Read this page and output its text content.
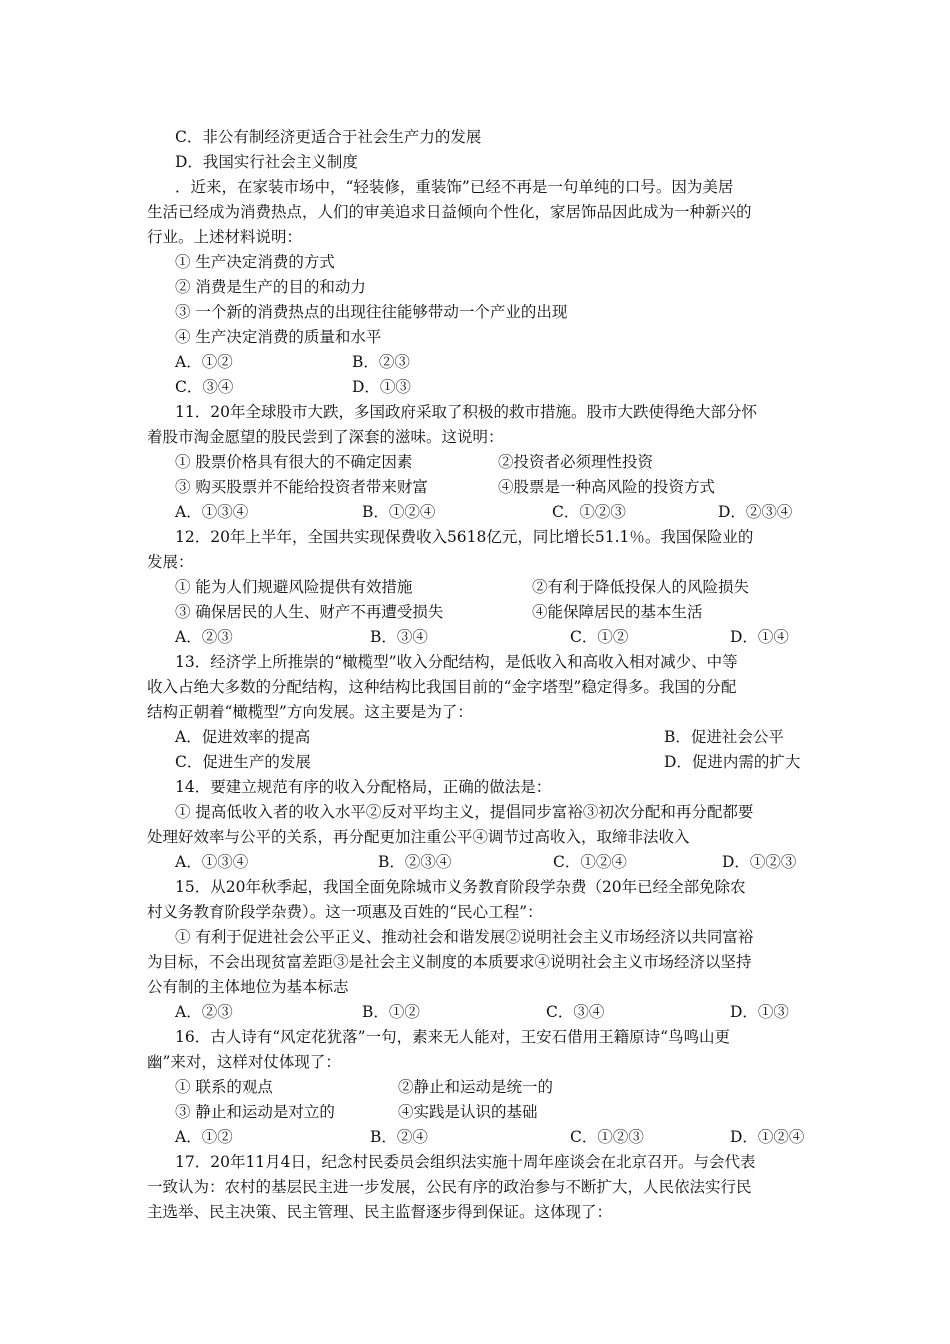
C．非公有制经济更适合于社会生产力的发展
D．我国实行社会主义制度
．近来，在家装市场中，“轻装修，重装饰”已经不再是一句单纯的口号。因为美居
生活已经成为消费热点，人们的审美追求日益倾向个性化，家居饰品因此成为一种新兴的
行业。上述材料说明：
① 生产决定消费的方式
② 消费是生产的目的和动力
③ 一个新的消费热点的出现往往能够带动一个产业的出现
④ 生产决定消费的质量和水平
A．①②	B．②③
C．③④	D．①③
11．20年全球股市大跌，多国政府采取了积极的救市措施。股市大跌使得绝大部分怀
着股市淘金愿望的股民尝到了深套的滋味。这说明：
① 股票价格具有很大的不确定因素	②投资者必须理性投资
③ 购买股票并不能给投资者带来财富	④股票是一种高风险的投资方式
A．①③④	B．①②④	C．①②③	D．②③④
12．20年上半年，全国共实现保费收入5618亿元，同比增长51.1％。我国保险业的
发展：
① 能为人们规避风险提供有效措施	②有利于降低投保人的风险损失
③ 确保居民的人生、财产不再遭受损失	④能保障居民的基本生活
A．②③	B．③④	C．①②	D．①④
13．经济学上所推崇的“橄榄型”收入分配结构，是低收入和高收入相对减少、中等
收入占绝大多数的分配结构，这种结构比我国目前的“金字塔型”稳定得多。我国的分配
结构正朝着“橄榄型”方向发展。这主要是为了：
A．促进效率的提高	B．促进社会公平
C．促进生产的发展	D．促进内需的扩大
14．要建立规范有序的收入分配格局，正确的做法是：
① 提高低收入者的收入水平②反对平均主义，提倡同步富裕③初次分配和再分配都要
处理好效率与公平的关系，再分配更加注重公平④调节过高收入，取缔非法收入
A．①③④	B．②③④	C．①②④	D．①②③
15．从20年秋季起，我国全面免除城市义务教育阶段学杂费（20年已经全部免除农
村义务教育阶段学杂费）。这一项惠及百姓的“民心工程”：
① 有利于促进社会公平正义、推动社会和谐发展②说明社会主义市场经济以共同富裕
为目标，不会出现贫富差距③是社会主义制度的本质要求④说明社会主义市场经济以坚持
公有制的主体地位为基本标志
A．②③	B．①②	C．③④	D．①③
16．古人诗有“风定花犹落”一句，素来无人能对，王安石借用王籍原诗“鸟鸣山更
幽”来对，这样对仗体现了：
① 联系的观点	②静止和运动是统一的
③ 静止和运动是对立的	④实践是认识的基础
A．①②	B．②④	C．①②③	D．①②④
17．20年11月4日，纪念村民委员会组织法实施十周年座谈会在北京召开。与会代表
一致认为：农村的基层民主进一步发展，公民有序的政治参与不断扩大，人民依法实行民
主选举、民主决策、民主管理、民主监督逐步得到保证。这体现了：
